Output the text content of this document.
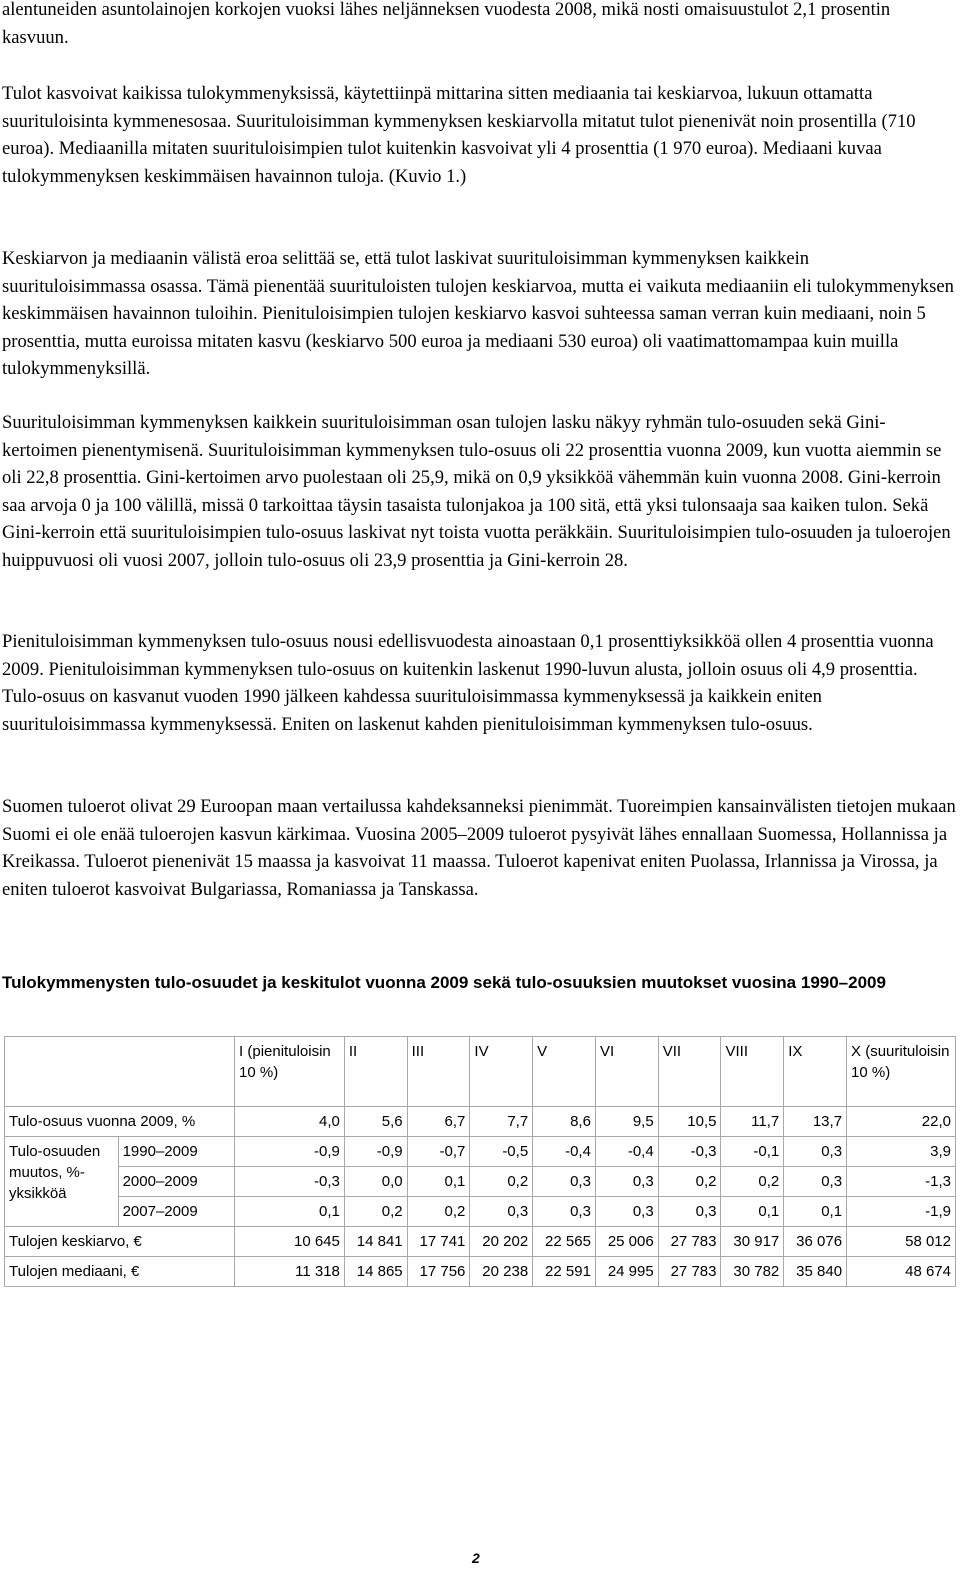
alentuneiden asuntolainojen korkojen vuoksi lähes neljänneksen vuodesta 2008, mikä nosti omaisuustulot 2,1 prosentin kasvuun.

Tulot kasvoivat kaikissa tulokymmenyksissä, käytettiinpä mittarina sitten mediaania tai keskiarvoa, lukuun ottamatta suurituloisinta kymmenesosaa. Suurituloisimman kymmenyksen keskiarvolla mitatut tulot pienenivät noin prosentilla (710 euroa). Mediaanilla mitaten suurituloisimpien tulot kuitenkin kasvoivat yli 4 prosenttia (1 970 euroa). Mediaani kuvaa tulokymmenyksen keskimmäisen havainnon tuloja. (Kuvio 1.)

Keskiarvon ja mediaanin välistä eroa selittää se, että tulot laskivat suurituloisimman kymmenyksen kaikkein suurituloisimmassa osassa. Tämä pienentää suurituloisten tulojen keskiarvoa, mutta ei vaikuta mediaaniin eli tulokymmenyksen keskimmäisen havainnon tuloihin. Pienituloisimpien tulojen keskiarvo kasvoi suhteessa saman verran kuin mediaani, noin 5 prosenttia, mutta euroissa mitaten kasvu (keskiarvo 500 euroa ja mediaani 530 euroa) oli vaatimattomampaa kuin muilla tulokymmenyksillä.

Suurituloisimman kymmenyksen kaikkein suurituloisimman osan tulojen lasku näkyy ryhmän tulo-osuuden sekä Gini-kertoimen pienentymisenä. Suurituloisimman kymmenyksen tulo-osuus oli 22 prosenttia vuonna 2009, kun vuotta aiemmin se oli 22,8 prosenttia. Gini-kertoimen arvo puolestaan oli 25,9, mikä on 0,9 yksikköä vähemmän kuin vuonna 2008. Gini-kerroin saa arvoja 0 ja 100 välillä, missä 0 tarkoittaa täysin tasaista tulonjakoa ja 100 sitä, että yksi tulonsaaja saa kaiken tulon. Sekä Gini-kerroin että suurituloisimpien tulo-osuus laskivat nyt toista vuotta peräkkäin. Suurituloisimpien tulo-osuuden ja tuloerojen huippuvuosi oli vuosi 2007, jolloin tulo-osuus oli 23,9 prosenttia ja Gini-kerroin 28.

Pienituloisimman kymmenyksen tulo-osuus nousi edellisvuodesta ainoastaan 0,1 prosenttiyksikköä ollen 4 prosenttia vuonna 2009. Pienituloisimman kymmenyksen tulo-osuus on kuitenkin laskenut 1990-luvun alusta, jolloin osuus oli 4,9 prosenttia. Tulo-osuus on kasvanut vuoden 1990 jälkeen kahdessa suurituloisimmassa kymmenyksessä ja kaikkein eniten suurituloisimmassa kymmenyksessä. Eniten on laskenut kahden pienituloisimman kymmenyksen tulo-osuus.

Suomen tuloerot olivat 29 Euroopan maan vertailussa kahdeksanneksi pienimmät. Tuoreimpien kansainvälisten tietojen mukaan Suomi ei ole enää tuloerojen kasvun kärkimaa. Vuosina 2005–2009 tuloerot pysyivät lähes ennallaan Suomessa, Hollannissa ja Kreikassa. Tuloerot pienenivät 15 maassa ja kasvoivat 11 maassa. Tuloerot kapenivat eniten Puolassa, Irlannissa ja Virossa, ja eniten tuloerot kasvoivat Bulgariassa, Romaniassa ja Tanskassa.

Tulokymmenysten tulo-osuudet ja keskitulot vuonna 2009 sekä tulo-osuuksien muutokset vuosina 1990–2009
		I (pienituloisin 10 %)	II	III	IV	V	VI	VII	VIII	IX	X (suurituloisin 10 %)
Tulo-osuus vuonna 2009, %		4,0	5,6	6,7	7,7	8,6	9,5	10,5	11,7	13,7	22,0
Tulo-osuuden muutos, %-yksikköä	1990–2009	-0,9	-0,9	-0,7	-0,5	-0,4	-0,4	-0,3	-0,1	0,3	3,9
	2000–2009	-0,3	0,0	0,1	0,2	0,3	0,3	0,2	0,2	0,3	-1,3
	2007–2009	0,1	0,2	0,2	0,3	0,3	0,3	0,3	0,1	0,1	-1,9
Tulojen keskiarvo, €		10 645	14 841	17 741	20 202	22 565	25 006	27 783	30 917	36 076	58 012
Tulojen mediaani, €		11 318	14 865	17 756	20 238	22 591	24 995	27 783	30 782	35 840	48 674
2
